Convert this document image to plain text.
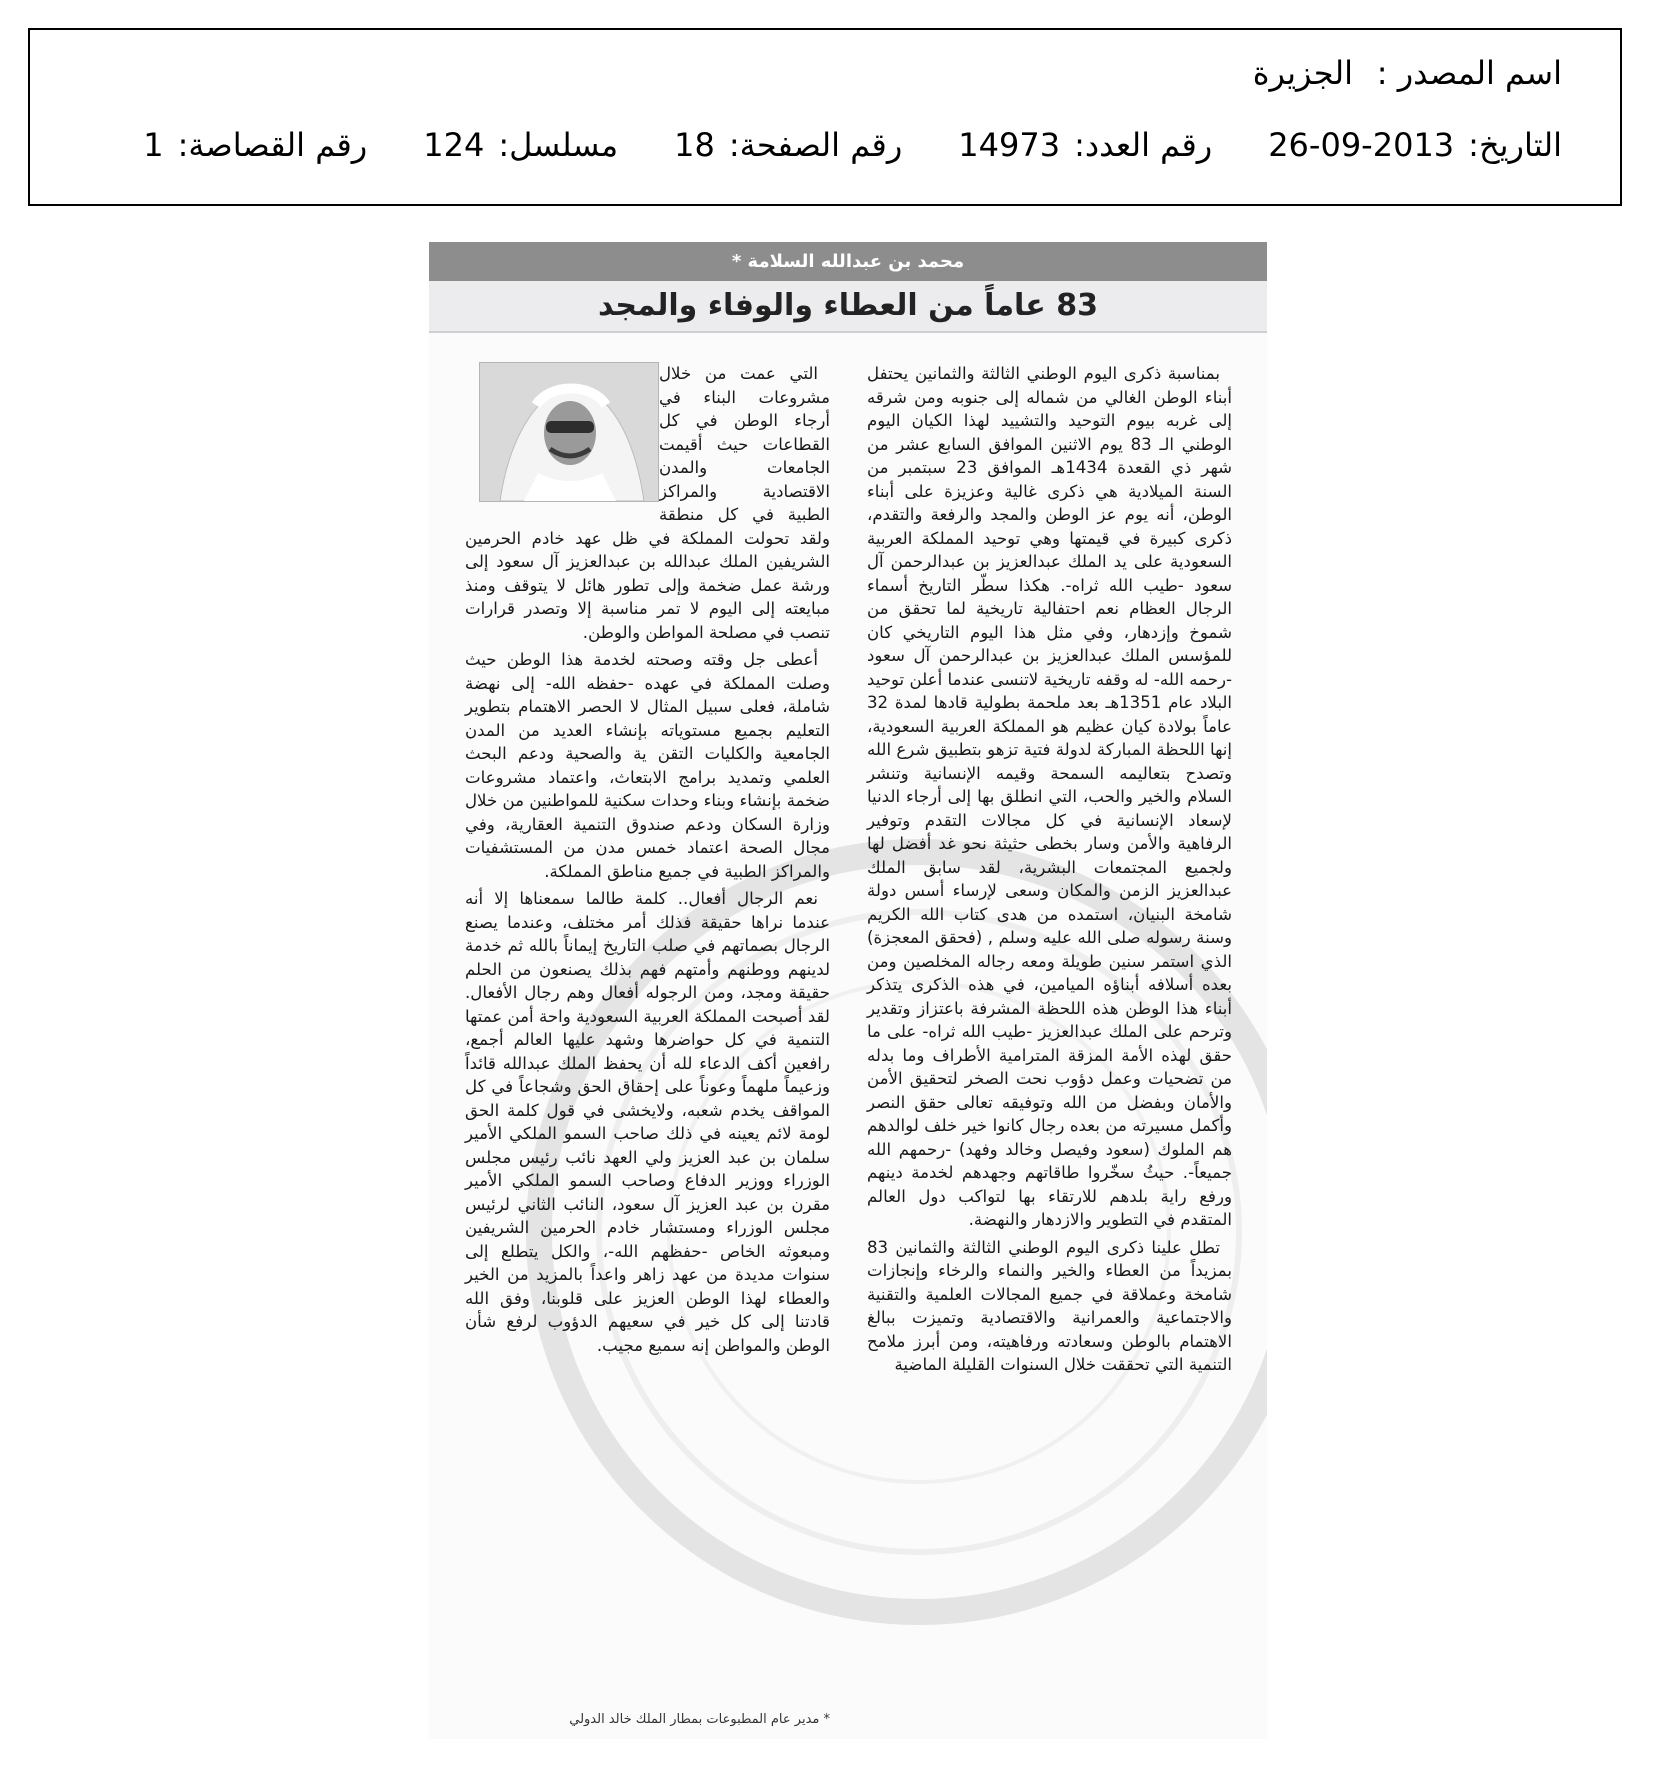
اسم المصدر :
الجزيرة
التاريخ:2013-09-26
رقم العدد:14973
رقم الصفحة:18
مسلسل:124
رقم القصاصة:1
محمد بن عبدالله السلامة *
83 عاماً من العطاء والوفاء والمجد

بمناسبة ذكرى اليوم الوطني الثالثة والثمانين يحتفل أبناء الوطن الغالي من شماله إلى جنوبه ومن شرقه إلى غربه بيوم التوحيد والتشييد لهذا الكيان اليوم الوطني الـ 83 يوم الاثنين الموافق السابع عشر من شهر ذي القعدة 1434هـ الموافق 23 سبتمبر من السنة الميلادية هي ذكرى غالية وعزيزة على أبناء الوطن، أنه يوم عز الوطن والمجد والرفعة والتقدم، ذكرى كبيرة في قيمتها وهي توحيد المملكة العربية السعودية على يد الملك عبدالعزيز بن عبدالرحمن آل سعود -طيب الله ثراه-. هكذا سطّر التاريخ أسماء الرجال العظام نعم احتفالية تاريخية لما تحقق من شموخ وإزدهار، وفي مثل هذا اليوم التاريخي كان للمؤسس الملك عبدالعزيز بن عبدالرحمن آل سعود -رحمه الله- له وقفه تاريخية لاتنسى عندما أعلن توحيد البلاد عام 1351هـ بعد ملحمة بطولية قادها لمدة 32 عاماً بولادة كيان عظيم هو المملكة العربية السعودية، إنها اللحظة المباركة لدولة فتية تزهو بتطبيق شرع الله وتصدح بتعاليمه السمحة وقيمه الإنسانية وتنشر السلام والخير والحب، التي انطلق بها إلى أرجاء الدنيا لإسعاد الإنسانية في كل مجالات التقدم وتوفير الرفاهية والأمن وسار بخطى حثيثة نحو غد أفضل لها ولجميع المجتمعات البشرية، لقد سابق الملك عبدالعزيز الزمن والمكان وسعى لإرساء أسس دولة شامخة البنيان، استمده من هدى كتاب الله الكريم وسنة رسوله صلى الله عليه وسلم , (فحقق المعجزة) الذي استمر سنين طويلة ومعه رجاله المخلصين ومن بعده أسلافه أبناؤه الميامين، في هذه الذكرى يتذكر أبناء هذا الوطن هذه اللحظة المشرفة باعتزاز وتقدير وترحم على الملك عبدالعزيز -طيب الله ثراه- على ما حقق لهذه الأمة المزقة المترامية الأطراف وما بدله من تضحيات وعمل دؤوب نحت الصخر لتحقيق الأمن والأمان وبفضل من الله وتوفيقه تعالى حقق النصر وأكمل مسيرته من بعده رجال كانوا خير خلف لوالدهم هم الملوك (سعود وفيصل وخالد وفهد) -رحمهم الله جميعاً-. حيثُ سخّروا طاقاتهم وجهدهم لخدمة دينهم ورفع راية بلدهم للارتقاء بها لتواكب دول العالم المتقدم في التطوير والازدهار والنهضة.

تطل علينا ذكرى اليوم الوطني الثالثة والثمانين 83 بمزيداً من العطاء والخير والنماء والرخاء وإنجازات شامخة وعملاقة في جميع المجالات العلمية والتقنية والاجتماعية والعمرانية والاقتصادية وتميزت ببالغ الاهتمام بالوطن وسعادته ورفاهيته، ومن أبرز ملامح التنمية التي تحققت خلال السنوات القليلة الماضية

التي عمت من خلال مشروعات البناء في أرجاء الوطن في كل القطاعات حيث أقيمت الجامعات والمدن الاقتصادية والمراكز الطبية في كل منطقة ولقد تحولت المملكة في ظل عهد خادم الحرمين الشريفين الملك عبدالله بن عبدالعزيز آل سعود إلى ورشة عمل ضخمة وإلى تطور هائل لا يتوقف ومنذ مبايعته إلى اليوم لا تمر مناسبة إلا وتصدر قرارات تنصب في مصلحة المواطن والوطن.

أعطى جل وقته وصحته لخدمة هذا الوطن حيث وصلت المملكة في عهده -حفظه الله- إلى نهضة شاملة، فعلى سبيل المثال لا الحصر الاهتمام بتطوير التعليم بجميع مستوياته بإنشاء العديد من المدن الجامعية والكليات التقن ية والصحية ودعم البحث العلمي وتمديد برامج الابتعاث، واعتماد مشروعات ضخمة بإنشاء وبناء وحدات سكنية للمواطنين من خلال وزارة السكان ودعم صندوق التنمية العقارية، وفي مجال الصحة اعتماد خمس مدن من المستشفيات والمراكز الطبية في جميع مناطق المملكة.

نعم الرجال أفعال.. كلمة طالما سمعناها إلا أنه عندما نراها حقيقة فذلك أمر مختلف، وعندما يصنع الرجال بصماتهم في صلب التاريخ إيماناً بالله ثم خدمة لدينهم ووطنهم وأمتهم فهم بذلك يصنعون من الحلم حقيقة ومجد، ومن الرجوله أفعال وهم رجال الأفعال. لقد أصبحت المملكة العربية السعودية واحة أمن عمتها التنمية في كل حواضرها وشهد عليها العالم أجمع، رافعين أكف الدعاء لله أن يحفظ الملك عبدالله قائداً وزعيماً ملهماً وعوناً على إحقاق الحق وشجاعاً في كل المواقف يخدم شعبه، ولايخشى في قول كلمة الحق لومة لائم يعينه في ذلك صاحب السمو الملكي الأمير سلمان بن عبد العزيز ولي العهد نائب رئيس مجلس الوزراء ووزير الدفاع وصاحب السمو الملكي الأمير مقرن بن عبد العزيز آل سعود، النائب الثاني لرئيس مجلس الوزراء ومستشار خادم الحرمين الشريفين ومبعوثه الخاص -حفظهم الله-، والكل يتطلع إلى سنوات مديدة من عهد زاهر واعداً بالمزيد من الخير والعطاء لهذا الوطن العزيز على قلوبنا، وفق الله قادتنا إلى كل خير في سعيهم الدؤوب لرفع شأن الوطن والمواطن إنه سميع مجيب.

* مدير عام المطبوعات بمطار الملك خالد الدولي
